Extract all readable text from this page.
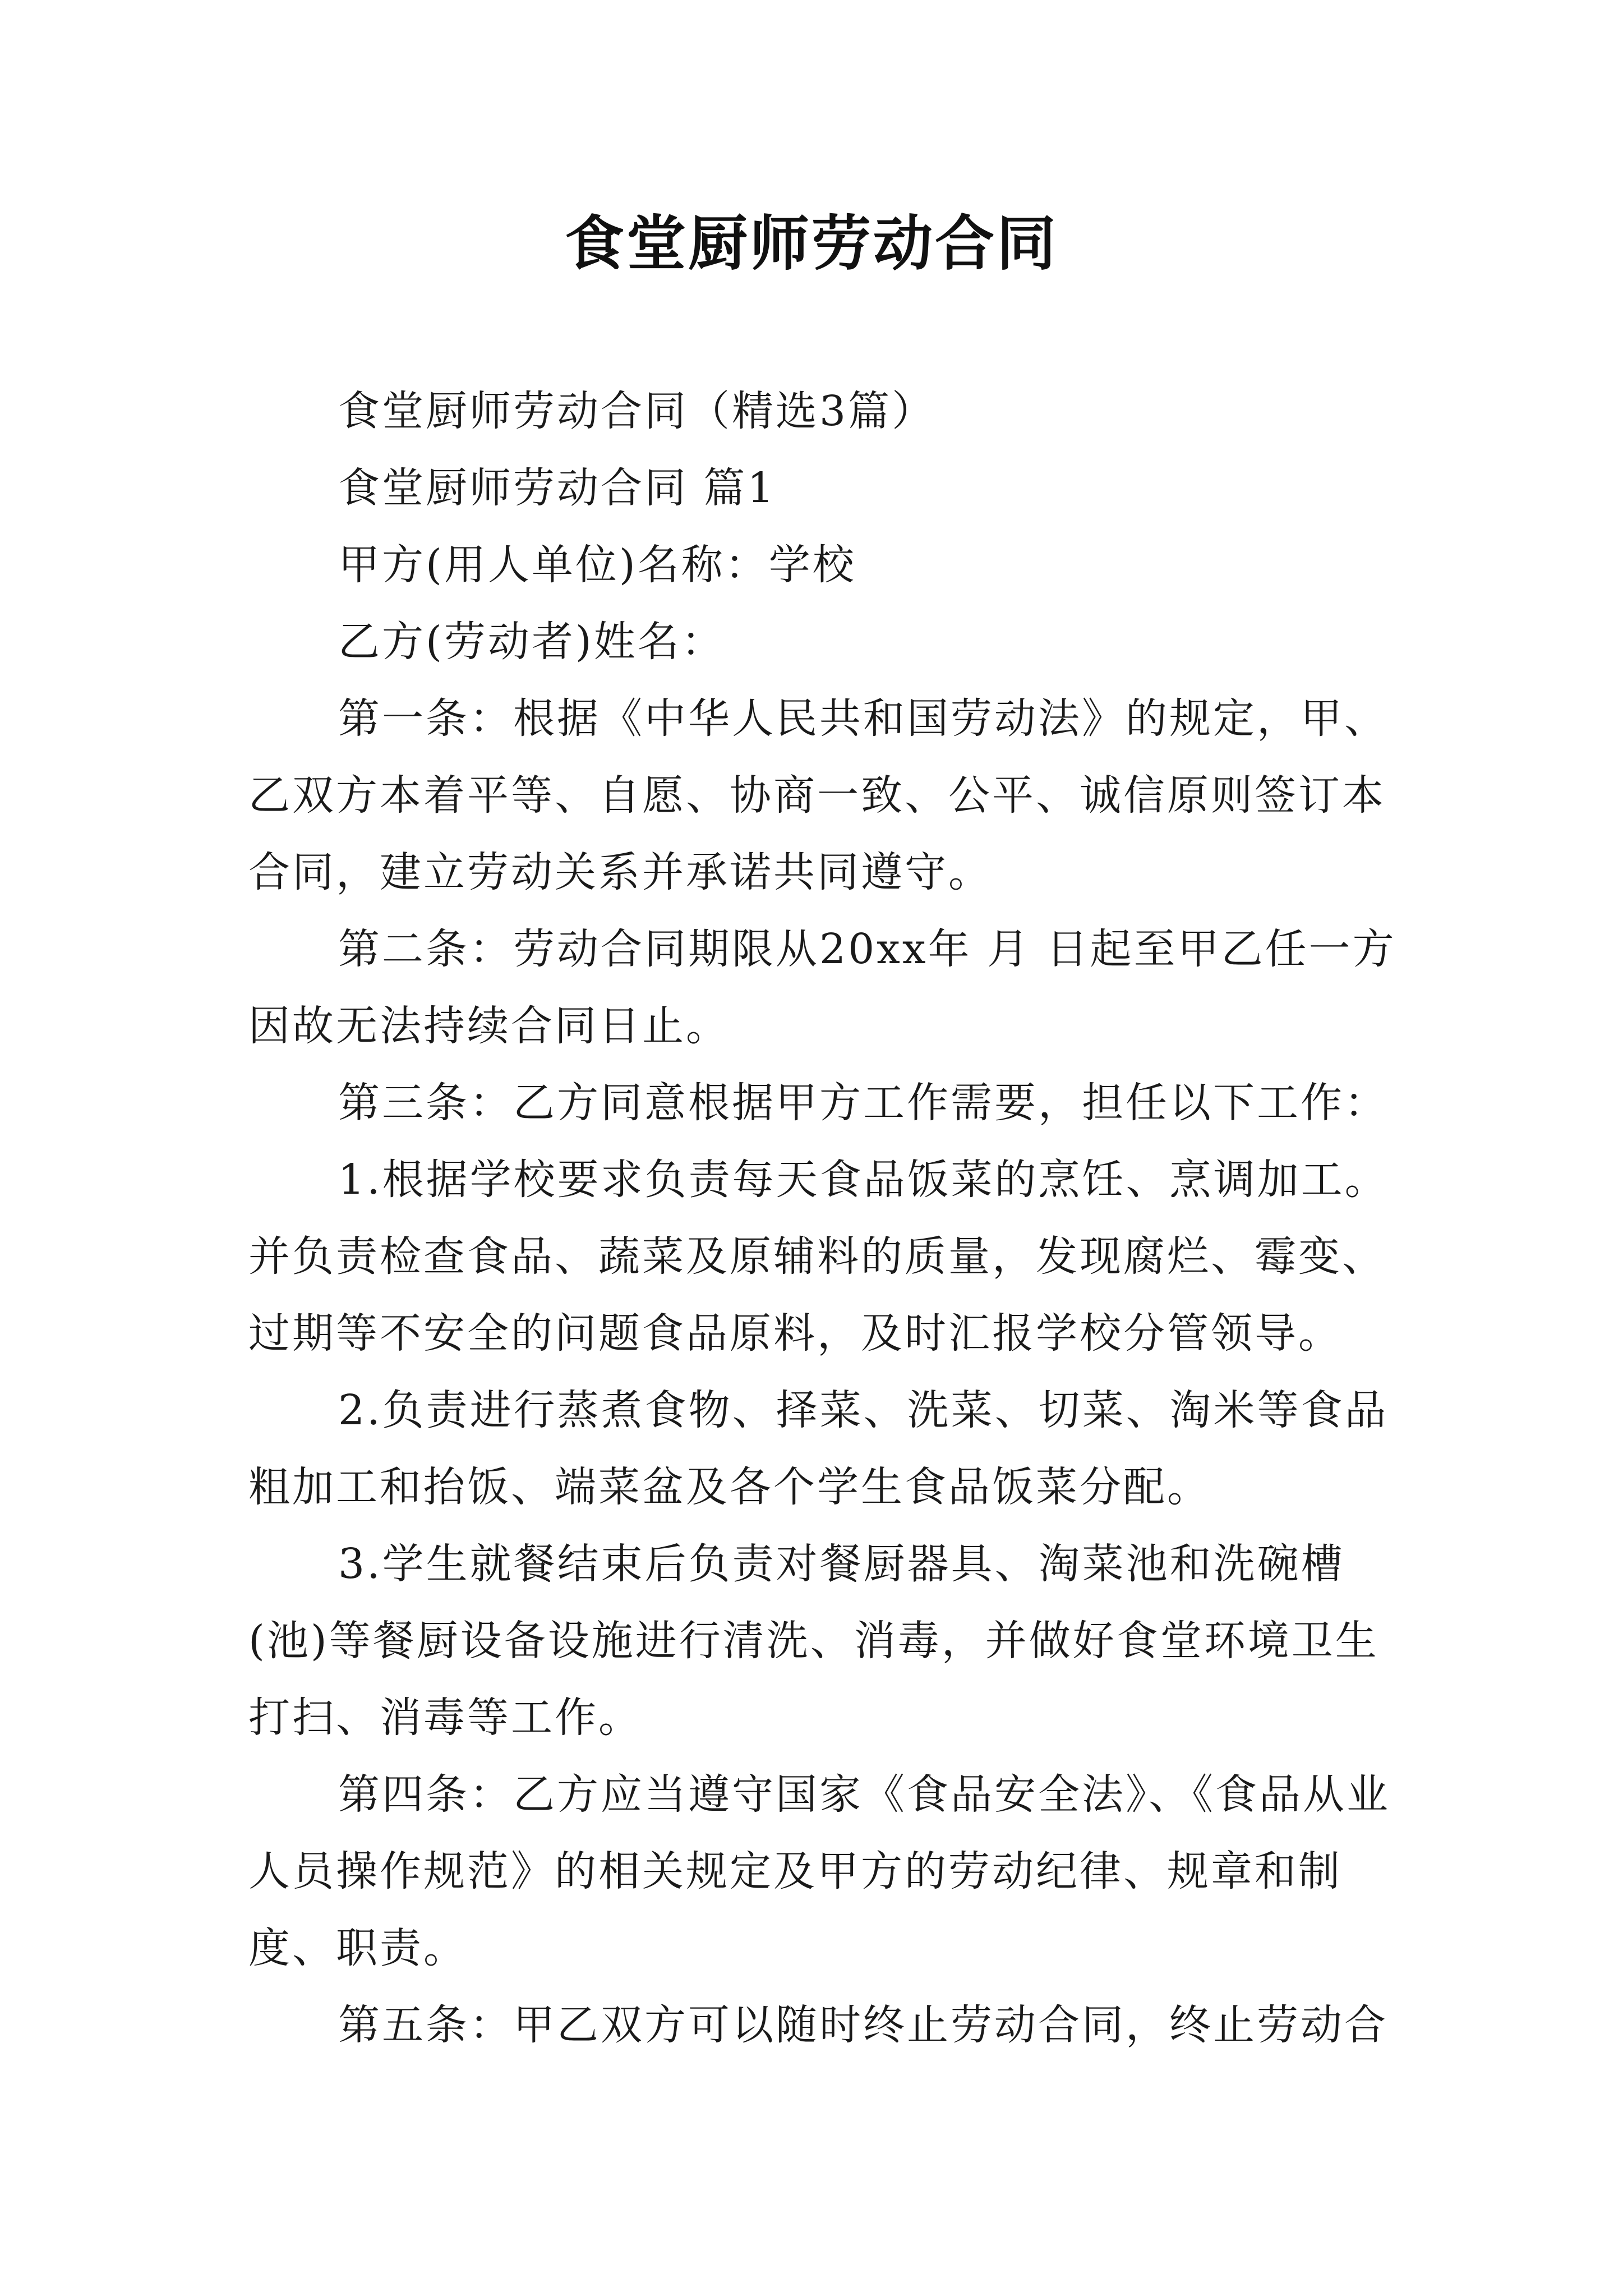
食堂厨师劳动合同

食堂厨师劳动合同（精选3篇）

食堂厨师劳动合同 篇1

甲方(用人单位)名称：学校

乙方(劳动者)姓名：

第一条：根据《中华人民共和国劳动法》的规定，甲、乙双方本着平等、自愿、协商一致、公平、诚信原则签订本合同，建立劳动关系并承诺共同遵守。

第二条：劳动合同期限从20xx年 月 日起至甲乙任一方因故无法持续合同日止。

第三条：乙方同意根据甲方工作需要，担任以下工作：

1.根据学校要求负责每天食品饭菜的烹饪、烹调加工。并负责检查食品、蔬菜及原辅料的质量，发现腐烂、霉变、过期等不安全的问题食品原料，及时汇报学校分管领导。

2.负责进行蒸煮食物、择菜、洗菜、切菜、淘米等食品粗加工和抬饭、端菜盆及各个学生食品饭菜分配。

3.学生就餐结束后负责对餐厨器具、淘菜池和洗碗槽(池)等餐厨设备设施进行清洗、消毒，并做好食堂环境卫生打扫、消毒等工作。

第四条：乙方应当遵守国家《食品安全法》、《食品从业人员操作规范》的相关规定及甲方的劳动纪律、规章和制度、职责。

第五条：甲乙双方可以随时终止劳动合同，终止劳动合
